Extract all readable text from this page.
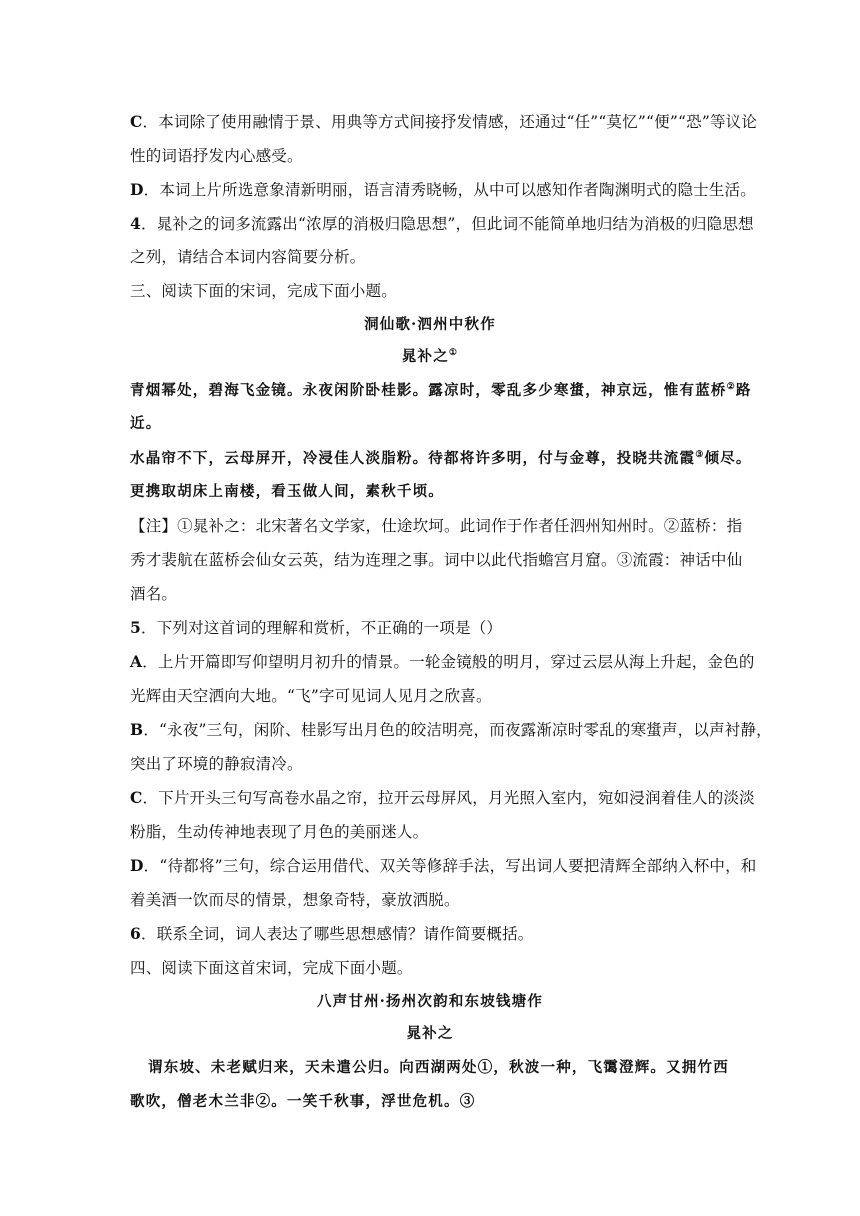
C．本词除了使用融情于景、用典等方式间接抒发情感，还通过“任”“莫忆”“便”“恐”等议论
性的词语抒发内心感受。
D．本词上片所选意象清新明丽，语言清秀晓畅，从中可以感知作者陶渊明式的隐士生活。
4．晁补之的词多流露出“浓厚的消极归隐思想”，但此词不能简单地归结为消极的归隐思想
之列，请结合本词内容简要分析。
三、阅读下面的宋词，完成下面小题。
洞仙歌·泗州中秋作
晁补之①
青烟幂处，碧海飞金镜。永夜闲阶卧桂影。露凉时，零乱多少寒螀，神京远，惟有蓝桥②路
近。
水晶帘不下，云母屏开，冷浸佳人淡脂粉。待都将许多明，付与金尊，投晓共流霞③倾尽。
更携取胡床上南楼，看玉做人间，素秋千顷。
【注】①晁补之：北宋著名文学家，仕途坎坷。此词作于作者任泗州知州时。②蓝桥：指
秀才裴航在蓝桥会仙女云英，结为连理之事。词中以此代指蟾宫月窟。③流霞：神话中仙
酒名。
5．下列对这首词的理解和赏析，不正确的一项是（）
A．上片开篇即写仰望明月初升的情景。一轮金镜般的明月，穿过云层从海上升起，金色的
光辉由天空洒向大地。“飞”字可见词人见月之欣喜。
B．“永夜”三句，闲阶、桂影写出月色的皎洁明亮，而夜露渐凉时零乱的寒螀声，以声衬静，
突出了环境的静寂清冷。
C．下片开头三句写高卷水晶之帘，拉开云母屏风，月光照入室内，宛如浸润着佳人的淡淡
粉脂，生动传神地表现了月色的美丽迷人。
D．“待都将”三句，综合运用借代、双关等修辞手法，写出词人要把清辉全部纳入杯中，和
着美酒一饮而尽的情景，想象奇特，豪放洒脱。
6．联系全词，词人表达了哪些思想感情？请作简要概括。
四、阅读下面这首宋词，完成下面小题。
八声甘州·扬州次韵和东坡钱塘作
晁补之
谓东坡、未老赋归来，天未遣公归。向西湖两处①，秋波一种，飞霭澄辉。又拥竹西
歌吹，僧老木兰非②。一笑千秋事，浮世危机。③
